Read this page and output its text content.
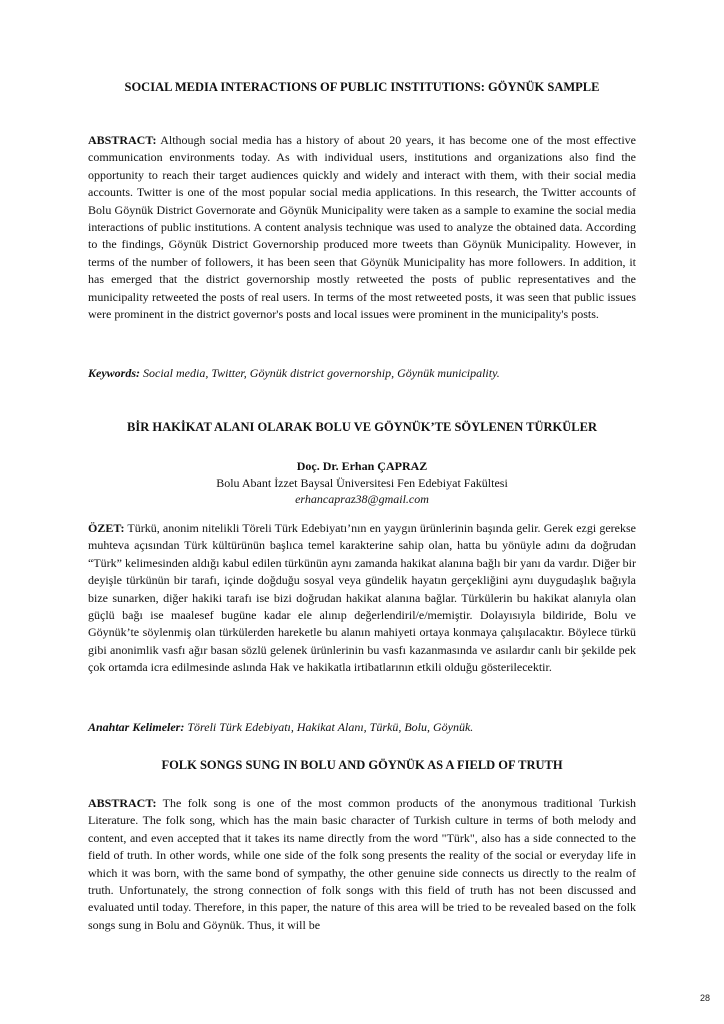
SOCIAL MEDIA INTERACTIONS OF PUBLIC INSTITUTIONS: GÖYNÜK SAMPLE

ABSTRACT: Although social media has a history of about 20 years, it has become one of the most effective communication environments today. As with individual users, institutions and organizations also find the opportunity to reach their target audiences quickly and widely and interact with them, with their social media accounts. Twitter is one of the most popular social media applications. In this research, the Twitter accounts of Bolu Göynük District Governorate and Göynük Municipality were taken as a sample to examine the social media interactions of public institutions. A content analysis technique was used to analyze the obtained data. According to the findings, Göynük District Governorship produced more tweets than Göynük Municipality. However, in terms of the number of followers, it has been seen that Göynük Municipality has more followers. In addition, it has emerged that the district governorship mostly retweeted the posts of public representatives and the municipality retweeted the posts of real users. In terms of the most retweeted posts, it was seen that public issues were prominent in the district governor's posts and local issues were prominent in the municipality's posts.

Keywords: Social media, Twitter, Göynük district governorship, Göynük municipality.

BİR HAKİKAT ALANI OLARAK BOLU VE GÖYNÜK’TE SÖYLENEN TÜRKÜLER

Doç. Dr. Erhan ÇAPRAZ

Bolu Abant İzzet Baysal Üniversitesi Fen Edebiyat Fakültesi

erhancapraz38@gmail.com

ÖZET: Türkü, anonim nitelikli Töreli Türk Edebiyatı’nın en yaygın ürünlerinin başında gelir. Gerek ezgi gerekse muhteva açısından Türk kültürünün başlıca temel karakterine sahip olan, hatta bu yönüyle adını da doğrudan “Türk” kelimesinden aldığı kabul edilen türkünün aynı zamanda hakikat alanına bağlı bir yanı da vardır. Diğer bir deyişle türkünün bir tarafı, içinde doğduğu sosyal veya gündelik hayatın gerçekliğini aynı duygudaşlık bağıyla bize sunarken, diğer hakiki tarafı ise bizi doğrudan hakikat alanına bağlar. Türkülerin bu hakikat alanıyla olan güçlü bağı ise maalesef bugüne kadar ele alınıp değerlendiril/e/memiştir. Dolayısıyla bildiride, Bolu ve Göynük’te söylenmiş olan türkülerden hareketle bu alanın mahiyeti ortaya konmaya çalışılacaktır. Böylece türkü gibi anonimlik vasfı ağır basan sözlü gelenek ürünlerinin bu vasfı kazanmasında ve asılardır canlı bir şekilde pek çok ortamda icra edilmesinde aslında Hak ve hakikatla irtibatlarının etkili olduğu gösterilecektir.

Anahtar Kelimeler: Töreli Türk Edebiyatı, Hakikat Alanı, Türkü, Bolu, Göynük.

FOLK SONGS SUNG IN BOLU AND GÖYNÜK AS A FIELD OF TRUTH

ABSTRACT: The folk song is one of the most common products of the anonymous traditional Turkish Literature. The folk song, which has the main basic character of Turkish culture in terms of both melody and content, and even accepted that it takes its name directly from the word "Türk", also has a side connected to the field of truth. In other words, while one side of the folk song presents the reality of the social or everyday life in which it was born, with the same bond of sympathy, the other genuine side connects us directly to the realm of truth. Unfortunately, the strong connection of folk songs with this field of truth has not been discussed and evaluated until today. Therefore, in this paper, the nature of this area will be tried to be revealed based on the folk songs sung in Bolu and Göynük. Thus, it will be

28
